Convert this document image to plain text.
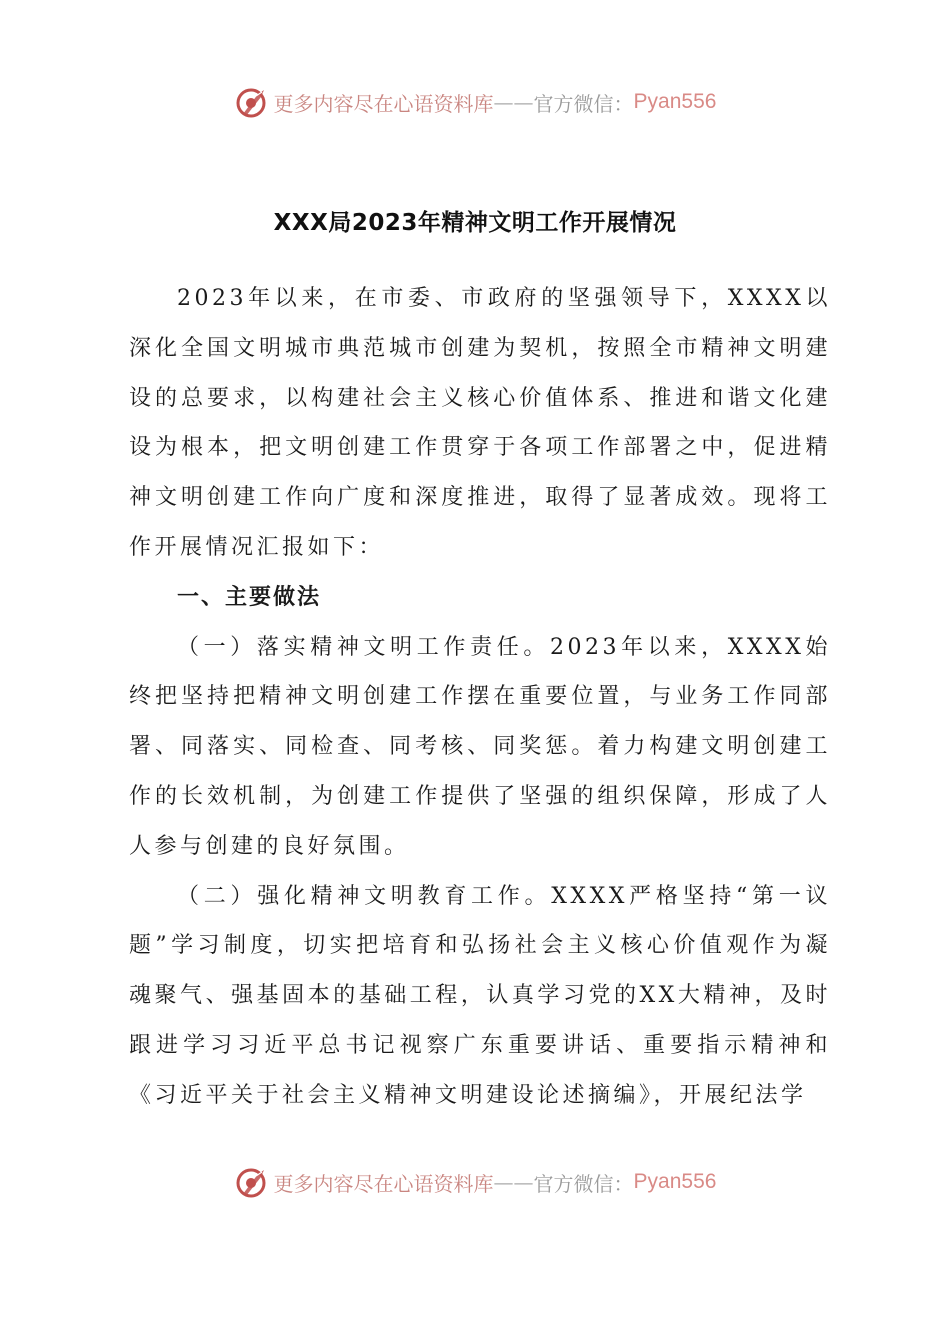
更多内容尽在心语资料库 —— 官方微信： Pyan556
XXX局2023年精神文明工作开展情况

2023年以来，在市委、市政府的坚强领导下，XXXX以深化全国文明城市典范城市创建为契机，按照全市精神文明建设的总要求，以构建社会主义核心价值体系、推进和谐文化建设为根本，把文明创建工作贯穿于各项工作部署之中，促进精神文明创建工作向广度和深度推进，取得了显著成效。现将工作开展情况汇报如下：

一、主要做法

（一）落实精神文明工作责任。2023年以来，XXXX始终把坚持把精神文明创建工作摆在重要位置，与业务工作同部署、同落实、同检查、同考核、同奖惩。着力构建文明创建工作的长效机制，为创建工作提供了坚强的组织保障，形成了人人参与创建的良好氛围。

（二）强化精神文明教育工作。XXXX严格坚持“第一议题”学习制度，切实把培育和弘扬社会主义核心价值观作为凝魂聚气、强基固本的基础工程，认真学习党的XX大精神，及时跟进学习习近平总书记视察广东重要讲话、重要指示精神和《习近平关于社会主义精神文明建设论述摘编》，开展纪法学

更多内容尽在心语资料库 —— 官方微信： Pyan556
